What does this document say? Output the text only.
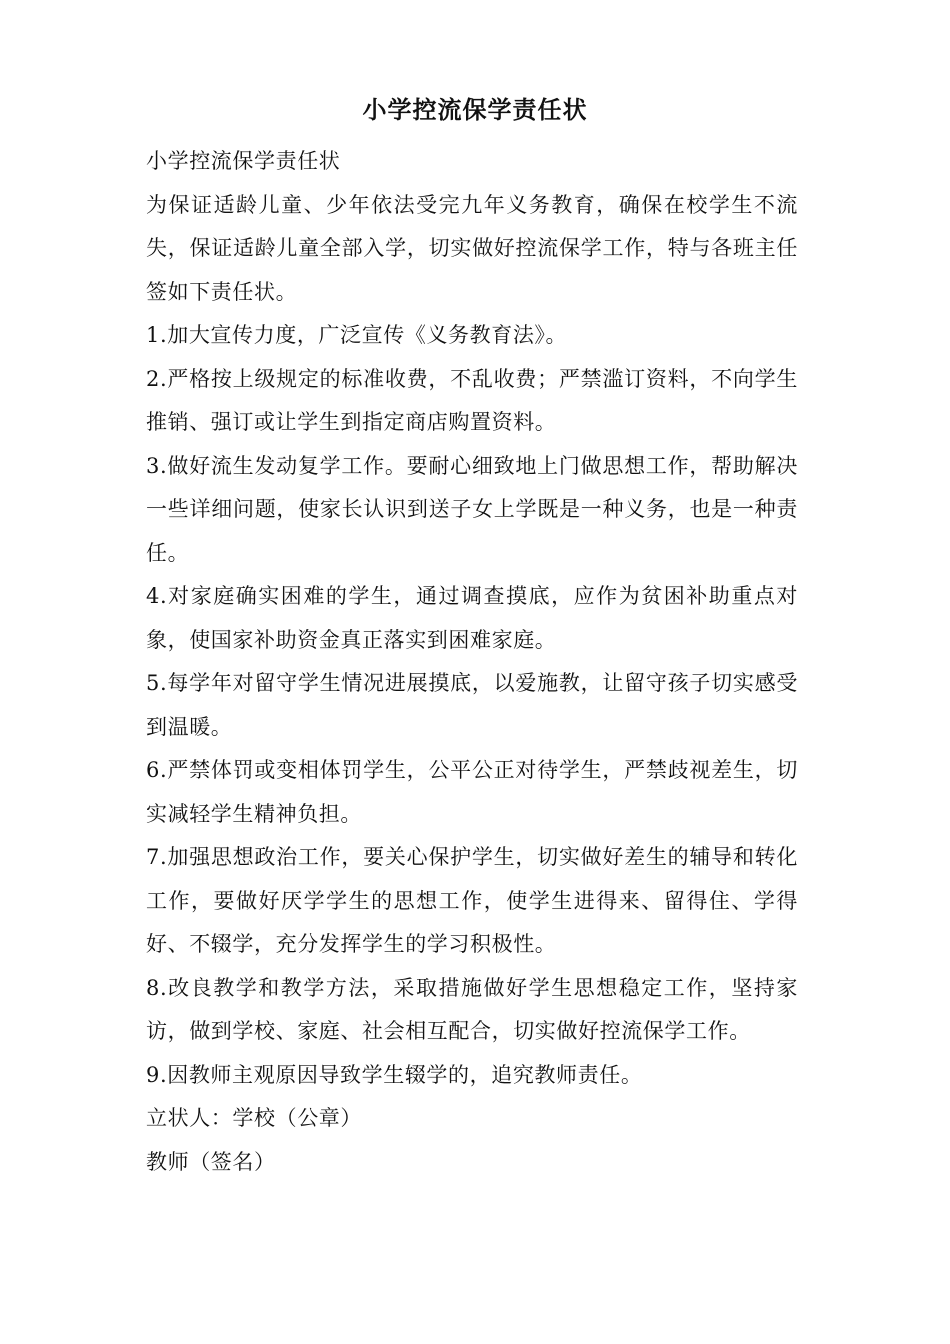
小学控流保学责任状

小学控流保学责任状

为保证适龄儿童、少年依法受完九年义务教育，确保在校学生不流失，保证适龄儿童全部入学，切实做好控流保学工作，特与各班主任签如下责任状。

1.加大宣传力度，广泛宣传《义务教育法》。

2.严格按上级规定的标准收费，不乱收费；严禁滥订资料，不向学生推销、强订或让学生到指定商店购置资料。

3.做好流生发动复学工作。要耐心细致地上门做思想工作，帮助解决一些详细问题，使家长认识到送子女上学既是一种义务，也是一种责任。

4.对家庭确实困难的学生，通过调查摸底，应作为贫困补助重点对象，使国家补助资金真正落实到困难家庭。

5.每学年对留守学生情况进展摸底，以爱施教，让留守孩子切实感受到温暖。

6.严禁体罚或变相体罚学生，公平公正对待学生，严禁歧视差生，切实减轻学生精神负担。

7.加强思想政治工作，要关心保护学生，切实做好差生的辅导和转化工作，要做好厌学学生的思想工作，使学生进得来、留得住、学得好、不辍学，充分发挥学生的学习积极性。

8.改良教学和教学方法，采取措施做好学生思想稳定工作，坚持家访，做到学校、家庭、社会相互配合，切实做好控流保学工作。

9.因教师主观原因导致学生辍学的，追究教师责任。

立状人：学校（公章）

教师（签名）
